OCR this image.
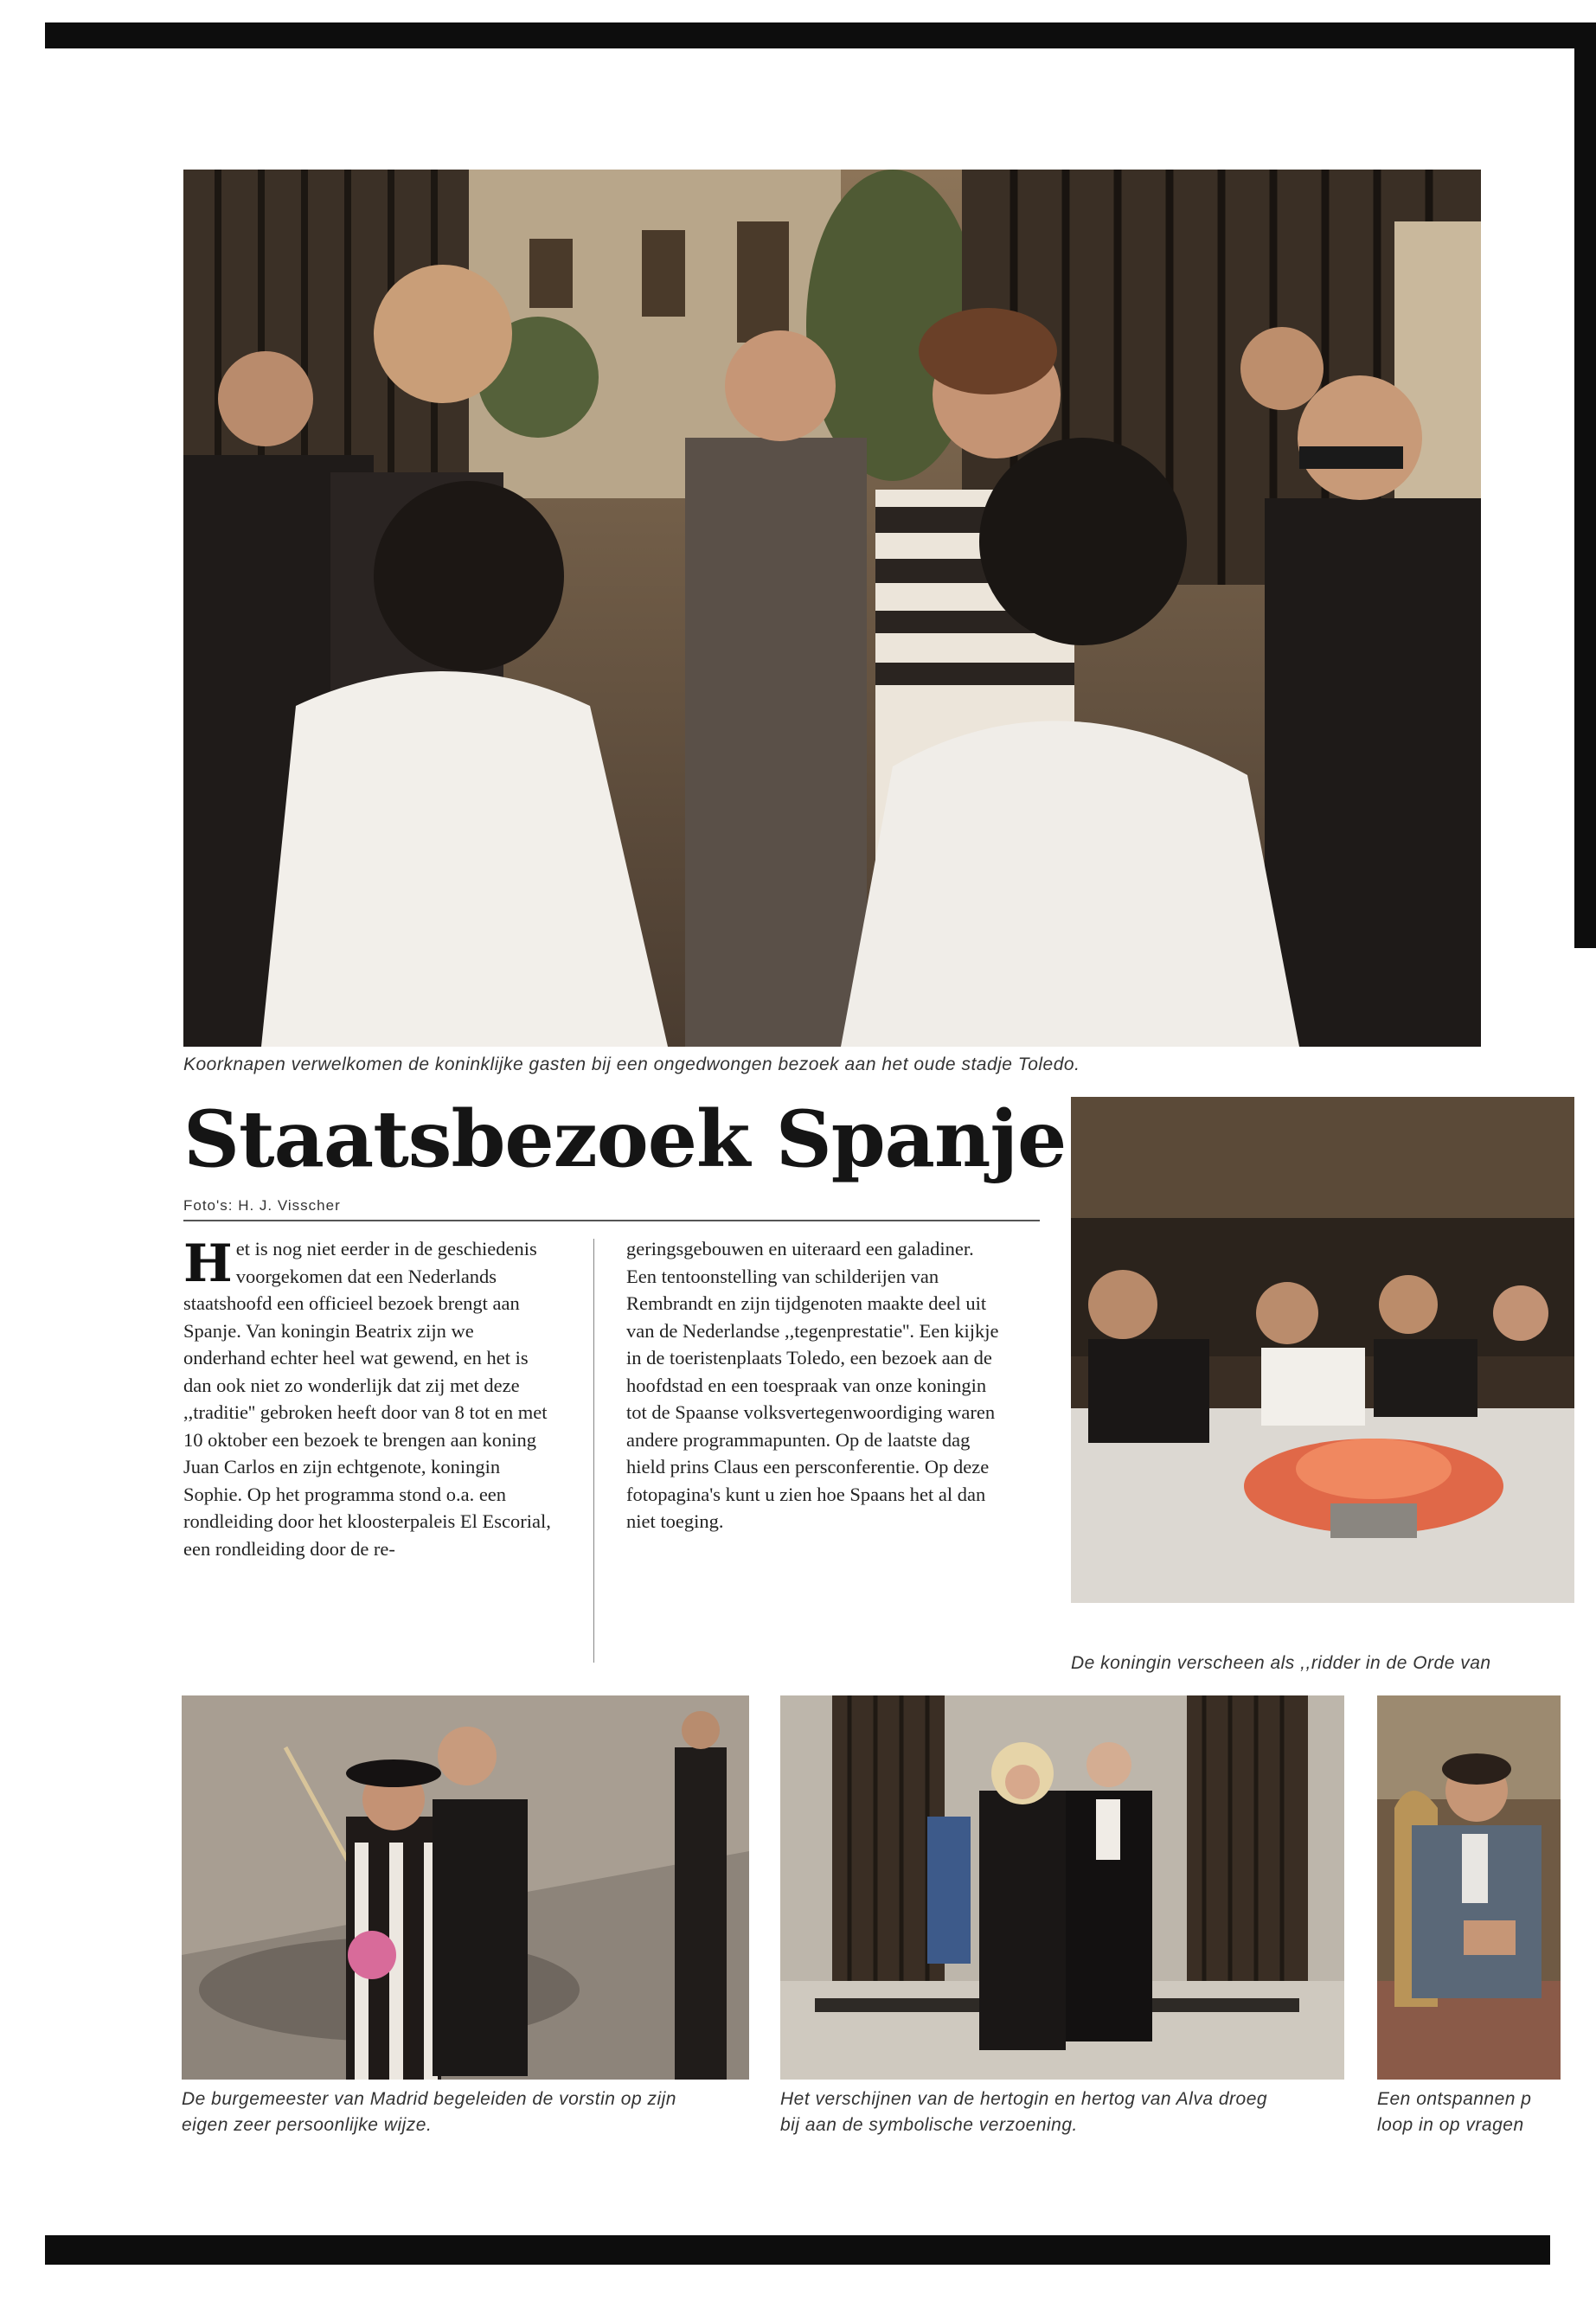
Koorknapen verwelkomen de koninklijke gasten bij een ongedwongen bezoek aan het oude stadje Toledo.
Staatsbezoek Spanje
Foto's: H. J. Visscher

Het is nog niet eerder in de geschiedenis voorgekomen dat een Nederlands staatshoofd een officieel bezoek brengt aan Spanje. Van koningin Beatrix zijn we onderhand echter heel wat gewend, en het is dan ook niet zo wonderlijk dat zij met deze ,,traditie'' gebroken heeft door van 8 tot en met 10 oktober een bezoek te brengen aan koning Juan Carlos en zijn echtgenote, koningin Sophie. Op het programma stond o.a. een rondleiding door het kloosterpaleis El Escorial, een rondleiding door de re-

geringsgebouwen en uiteraard een galadiner. Een tentoonstelling van schilderijen van Rembrandt en zijn tijdgenoten maakte deel uit van de Nederlandse ,,tegenprestatie''. Een kijkje in de toeristenplaats Toledo, een bezoek aan de hoofdstad en een toespraak van onze koningin tot de Spaanse volksvertegenwoordiging waren andere programmapunten. Op de laatste dag hield prins Claus een persconferentie. Op deze fotopagina's kunt u zien hoe Spaans het al dan niet toeging.

De koningin verscheen als ,,ridder in de Orde van
De burgemeester van Madrid begeleiden de vorstin op zijn
eigen zeer persoonlijke wijze.
Het verschijnen van de hertogin en hertog van Alva droeg
bij aan de symbolische verzoening.
Een ontspannen p
loop in op vragen
